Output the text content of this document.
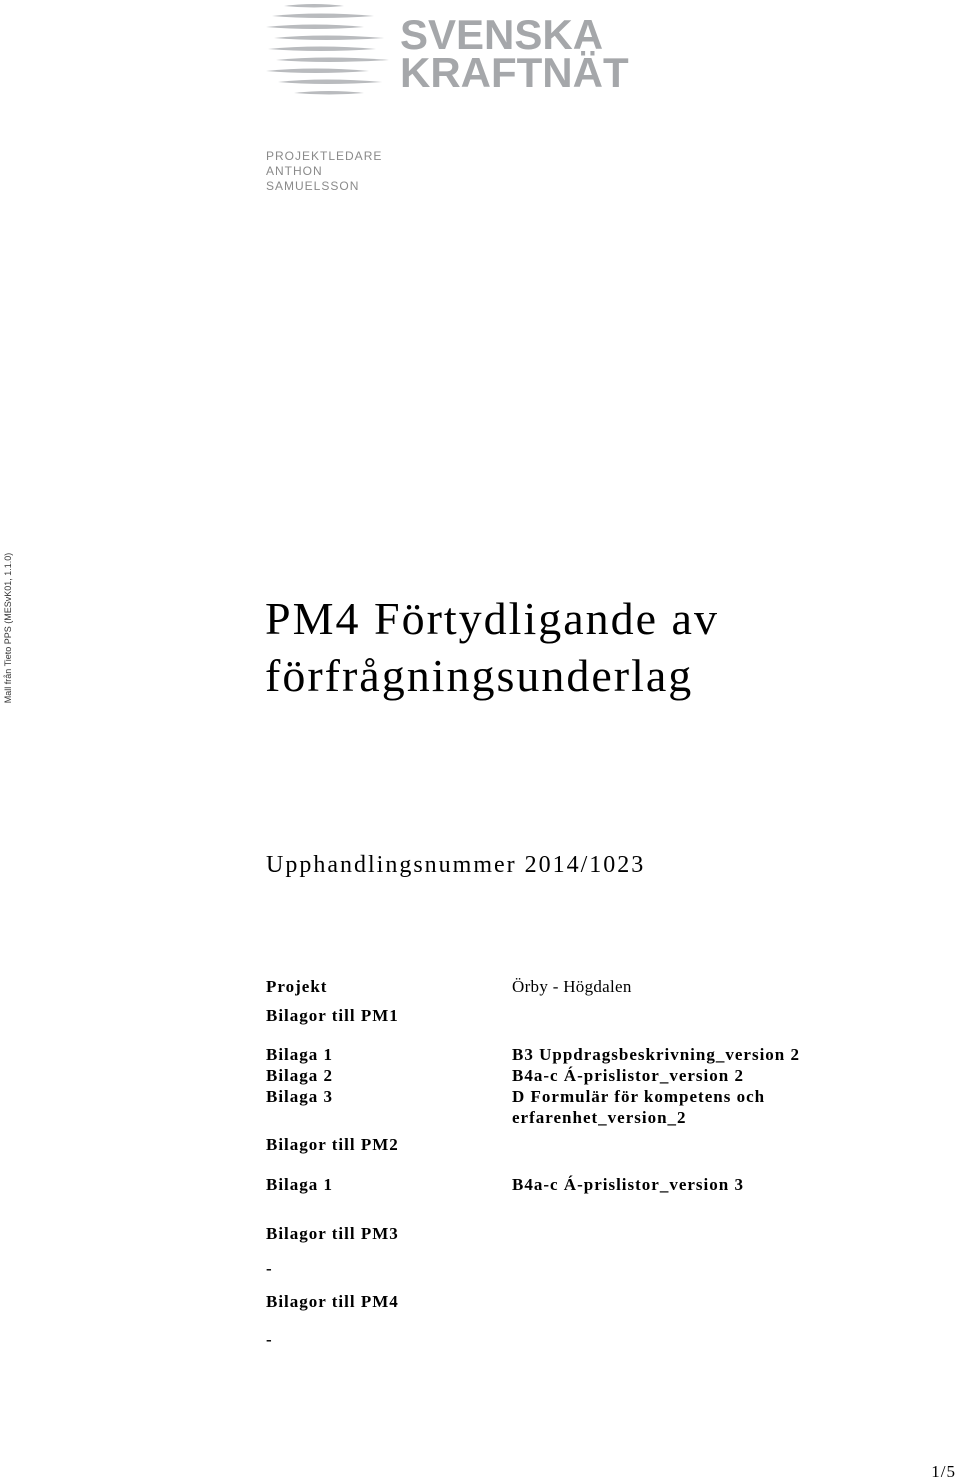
Mall från Tieto PPS (MESvK01, 1.1.0)
SVENSKA
KRAFTNÄT
PROJEKTLEDARE
ANTHON
SAMUELSSON
PM4 Förtydligande av
förfrågningsunderlag
Upphandlingsnummer 2014/1023
Projekt	Örby - Högdalen
Bilagor till PM1
Bilaga 1	B3 Uppdragsbeskrivning_version 2
Bilaga 2	B4a-c Á-prislistor_version 2
Bilaga 3	D Formulär för kompetens och
erfarenhet_version_2
Bilagor till PM2
Bilaga 1	B4a-c Á-prislistor_version 3
Bilagor till PM3
-
Bilagor till PM4
-
1/5
